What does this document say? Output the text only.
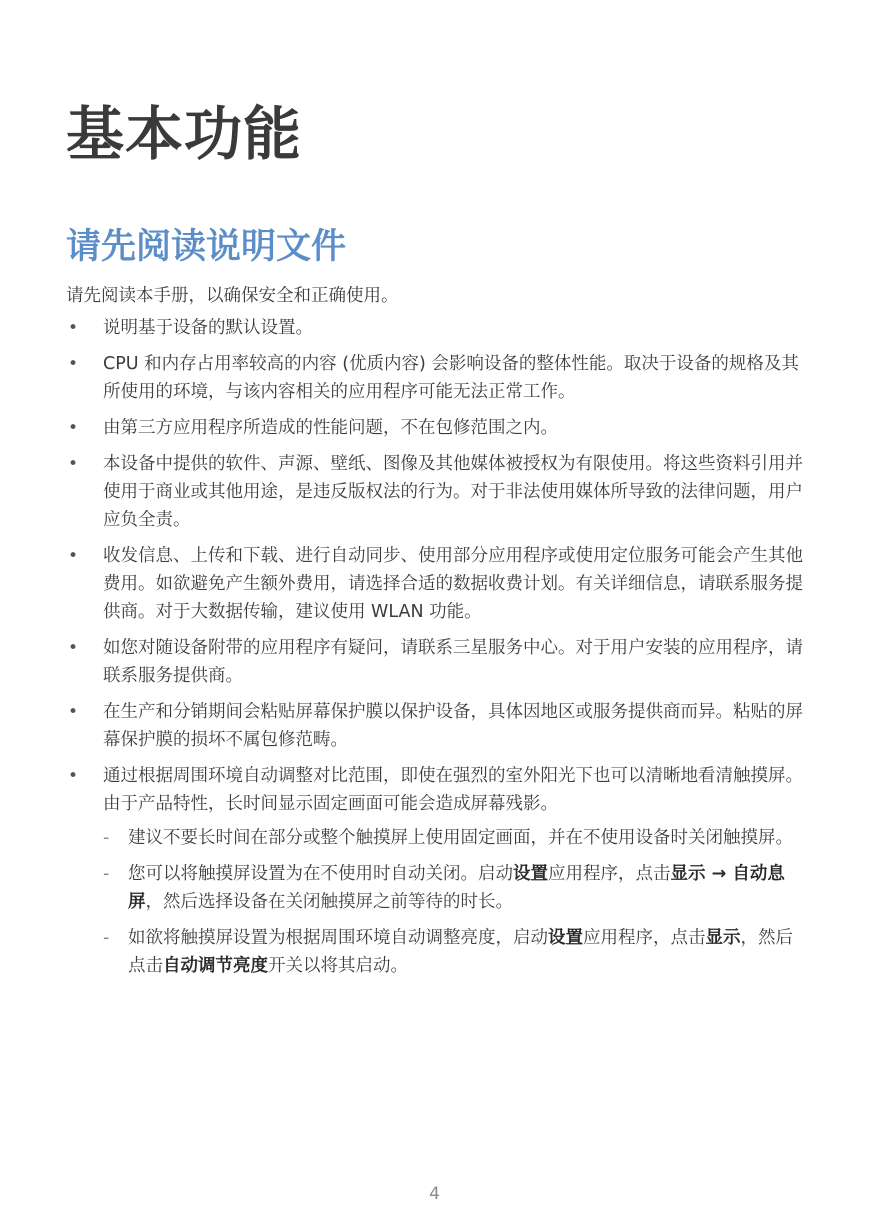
基本功能
请先阅读说明文件

请先阅读本手册，以确保安全和正确使用。

• 说明基于设备的默认设置。
• CPU 和内存占用率较高的内容 (优质内容) 会影响设备的整体性能。取决于设备的规格及其所使用的环境，与该内容相关的应用程序可能无法正常工作。
• 由第三方应用程序所造成的性能问题，不在包修范围之内。
• 本设备中提供的软件、声源、壁纸、图像及其他媒体被授权为有限使用。将这些资料引用并使用于商业或其他用途，是违反版权法的行为。对于非法使用媒体所导致的法律问题，用户应负全责。
• 收发信息、上传和下载、进行自动同步、使用部分应用程序或使用定位服务可能会产生其他费用。如欲避免产生额外费用，请选择合适的数据收费计划。有关详细信息，请联系服务提供商。对于大数据传输，建议使用 WLAN 功能。
• 如您对随设备附带的应用程序有疑问，请联系三星服务中心。对于用户安装的应用程序，请联系服务提供商。
• 在生产和分销期间会粘贴屏幕保护膜以保护设备，具体因地区或服务提供商而异。粘贴的屏幕保护膜的损坏不属包修范畴。
• 通过根据周围环境自动调整对比范围，即使在强烈的室外阳光下也可以清晰地看清触摸屏。由于产品特性，长时间显示固定画面可能会造成屏幕残影。
- 建议不要长时间在部分或整个触摸屏上使用固定画面，并在不使用设备时关闭触摸屏。
- 您可以将触摸屏设置为在不使用时自动关闭。启动设置应用程序，点击显示 → 自动息屏，然后选择设备在关闭触摸屏之前等待的时长。
- 如欲将触摸屏设置为根据周围环境自动调整亮度，启动设置应用程序，点击显示，然后点击自动调节亮度开关以将其启动。
4
